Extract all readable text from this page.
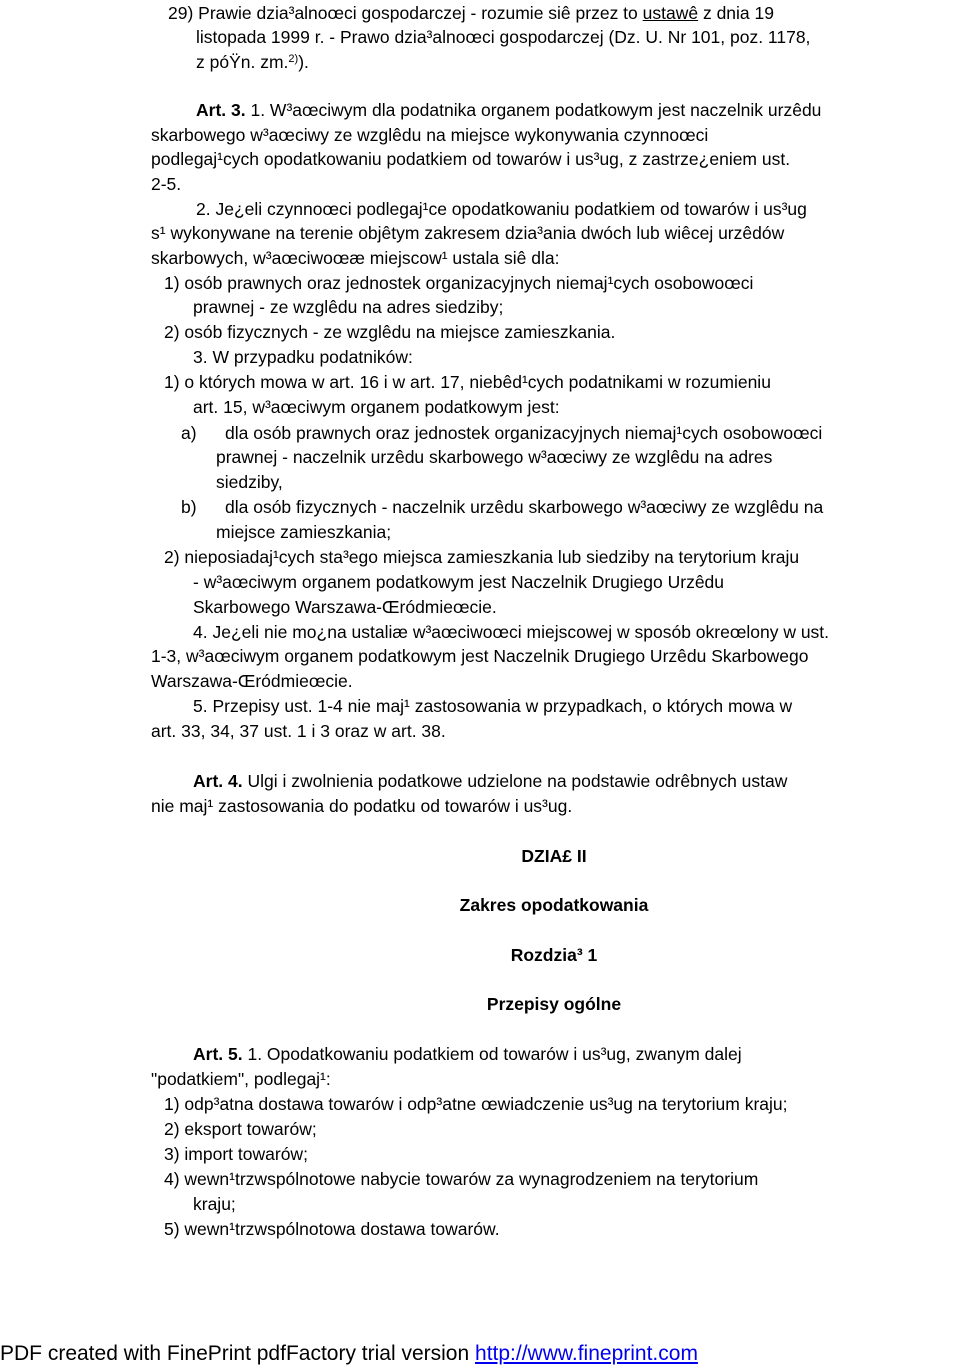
29) Prawie dzia³alnoœci gospodarczej - rozumie siê przez to ustawê z dnia 19
listopada 1999 r. - Prawo dzia³alnoœci gospodarczej (Dz. U. Nr 101, poz. 1178,
z póŸn. zm.$^{2)}$).
Art. 3. 1. W³aœciwym dla podatnika organem podatkowym jest naczelnik urzêdu
skarbowego w³aœciwy ze wzglêdu na miejsce wykonywania czynnoœci
podlegaj¹cych opodatkowaniu podatkiem od towarów i us³ug, z zastrze¿eniem ust.
2-5.
2. Je¿eli czynnoœci podlegaj¹ce opodatkowaniu podatkiem od towarów i us³ug
s¹ wykonywane na terenie objêtym zakresem dzia³ania dwóch lub wiêcej urzêdów
skarbowych, w³aœciwoœæ miejscow¹ ustala siê dla:
1) osób prawnych oraz jednostek organizacyjnych niemaj¹cych osobowoœci
prawnej - ze wzglêdu na adres siedziby;
2) osób fizycznych - ze wzglêdu na miejsce zamieszkania.
3. W przypadku podatników:
1) o których mowa w art. 16 i w art. 17, niebêd¹cych podatnikami w rozumieniu
art. 15, w³aœciwym organem podatkowym jest:
a) dla osób prawnych oraz jednostek organizacyjnych niemaj¹cych osobowoœci
prawnej - naczelnik urzêdu skarbowego w³aœciwy ze wzglêdu na adres
siedziby,
b) dla osób fizycznych - naczelnik urzêdu skarbowego w³aœciwy ze wzglêdu na
miejsce zamieszkania;
2) nieposiadaj¹cych sta³ego miejsca zamieszkania lub siedziby na terytorium kraju
- w³aœciwym organem podatkowym jest Naczelnik Drugiego Urzêdu
Skarbowego Warszawa-Œródmieœcie.
4. Je¿eli nie mo¿na ustaliæ w³aœciwoœci miejscowej w sposób okreœlony w ust.
1-3, w³aœciwym organem podatkowym jest Naczelnik Drugiego Urzêdu Skarbowego
Warszawa-Œródmieœcie.
5. Przepisy ust. 1-4 nie maj¹ zastosowania w przypadkach, o których mowa w
art. 33, 34, 37 ust. 1 i 3 oraz w art. 38.
Art. 4. Ulgi i zwolnienia podatkowe udzielone na podstawie odrêbnych ustaw
nie maj¹ zastosowania do podatku od towarów i us³ug.
DZIA£ II
Zakres opodatkowania
Rozdzia³ 1
Przepisy ogólne
Art. 5. 1. Opodatkowaniu podatkiem od towarów i us³ug, zwanym dalej
"podatkiem", podlegaj¹:
1) odp³atna dostawa towarów i odp³atne œwiadczenie us³ug na terytorium kraju;
2) eksport towarów;
3) import towarów;
4) wewn¹trzwspólnotowe nabycie towarów za wynagrodzeniem na terytorium
kraju;
5) wewn¹trzwspólnotowa dostawa towarów.
PDF created with FinePrint pdfFactory trial version http://www.fineprint.com
